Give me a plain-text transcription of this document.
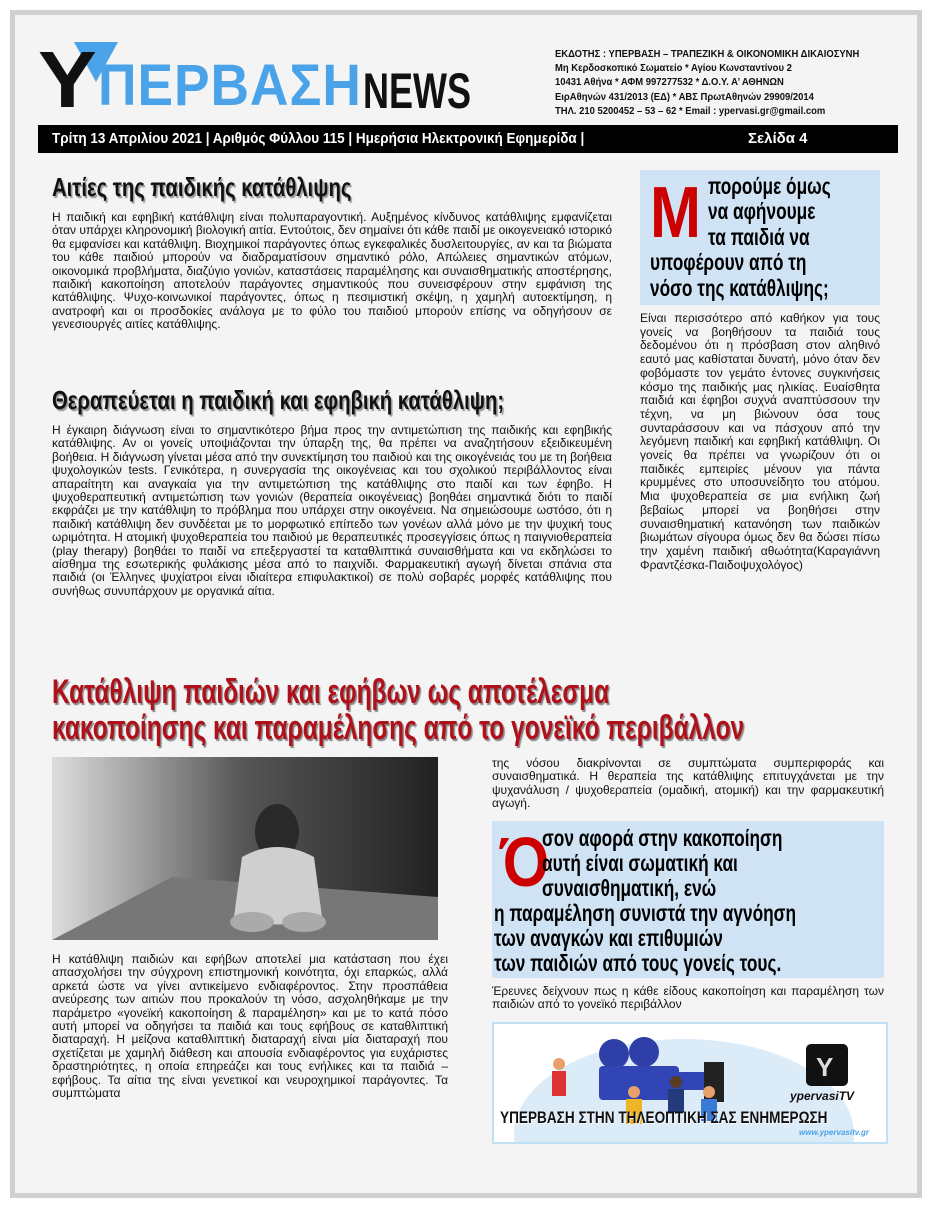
Υ ΠΕΡΒΑΣΗ NEWS
ΕΚΔΟΤΗΣ : ΥΠΕΡΒΑΣΗ – ΤΡΑΠΕΖΙΚΗ & ΟΙΚΟΝΟΜΙΚΗ ΔΙΚΑΙΟΣΥΝΗ
Μη Κερδοσκοπικό Σωματείο * Αγίου Κωνσταντίνου 2
10431 Αθήνα * ΑΦΜ 997277532 * Δ.Ο.Υ. Α’ ΑΘΗΝΩΝ
ΕιρΑθηνών 431/2013 (ΕΔ) * ΑΒΣ ΠρωτΑθηνών 29909/2014
ΤΗΛ. 210 5200452 – 53 – 62 * Email : ypervasi.gr@gmail.com
Τρίτη 13 Απριλίου 2021 | Αριθμός Φύλλου 115 | Ημερήσια Ηλεκτρονική Εφημερίδα |	Σελίδα 4
Αιτίες της παιδικής κατάθλιψης

Η παιδική και εφηβική κατάθλιψη είναι πολυπαραγοντική. Αυξημένος κίνδυνος κατάθλιψης εμφανίζεται όταν υπάρχει κληρονομική βιολογική αιτία. Εντούτοις, δεν σημαίνει ότι κάθε παιδί με οικογενειακό ιστορικό θα εμφανίσει και κατάθλιψη. Βιοχημικοί παράγοντες όπως εγκεφαλικές δυσλειτουργίες, αν και τα βιώματα του κάθε παιδιού μπορούν να διαδραματίσουν σημαντικό ρόλο, Απώλειες σημαντικών ατόμων, οικονομικά προβλήματα, διαζύγιο γονιών, καταστάσεις παραμέλησης και συναισθηματικής αποστέρησης, παιδική κακοποίηση αποτελούν παράγοντες σημαντικούς που συνεισφέρουν στην εμφάνιση της κατάθλιψης. Ψυχο-κοινωνικοί παράγοντες, όπως η πεσιμιστική σκέψη, η χαμηλή αυτοεκτίμηση, η ανατροφή και οι προσδοκίες ανάλογα με το φύλο του παιδιού μπορούν επίσης να οδηγήσουν σε γενεσιουργές αιτίες κατάθλιψης.

Θεραπεύεται η παιδική και εφηβική κατάθλιψη;

Η έγκαιρη διάγνωση είναι το σημαντικότερο βήμα προς την αντιμετώπιση της παιδικής και εφηβικής κατάθλιψης. Αν οι γονείς υποψιάζονται την ύπαρξη της, θα πρέπει να αναζητήσουν εξειδικευμένη βοήθεια. Η διάγνωση γίνεται μέσα από την συνεκτίμηση του παιδιού και της οικογένειάς του με τη βοήθεια ψυχολογικών tests. Γενικότερα, η συνεργασία της οικογένειας και του σχολικού περιβάλλοντος είναι απαραίτητη και αναγκαία για την αντιμετώπιση της κατάθλιψης στο παιδί και των έφηβο. Η ψυχοθεραπευτική αντιμετώπιση των γονιών (θεραπεία οικογένειας) βοηθάει σημαντικά διότι το παιδί εκφράζει με την κατάθλιψη το πρόβλημα που υπάρχει στην οικογένεια. Να σημειώσουμε ωστόσο, ότι η παιδική κατάθλιψη δεν συνδέεται με το μορφωτικό επίπεδο των γονέων αλλά μόνο με την ψυχική τους ωριμότητα. Η ατομική ψυχοθεραπεία του παιδιού με θεραπευτικές προσεγγίσεις όπως η παιγνιοθεραπεία (play therapy) βοηθάει το παιδί να επεξεργαστεί τα καταθλιπτικά συναισθήματα και να εκδηλώσει το αίσθημα της εσωτερικής φυλάκισης μέσα από το παιχνίδι. Φαρμακευτική αγωγή δίνεται σπάνια στα παιδιά (οι Έλληνες ψυχίατροι είναι ιδιαίτερα επιφυλακτικοί) σε πολύ σοβαρές μορφές κατάθλιψης που συνήθως συνυπάρχουν με οργανικά αίτια.

Μ πορούμε όμως
να αφήνουμε
τα παιδιά να
υποφέρουν από τη
νόσο της κατάθλιψης;

Είναι περισσότερο από καθήκον για τους γονείς να βοηθήσουν τα παιδιά τους δεδομένου ότι η πρόσβαση στον αληθινό εαυτό μας καθίσταται δυνατή, μόνο όταν δεν φοβόμαστε τον γεμάτο έντονες συγκινήσεις κόσμο της παιδικής μας ηλικίας. Ευαίσθητα παιδιά και έφηβοι συχνά αναπτύσσουν την τέχνη, να μη βιώνουν όσα τους συνταράσσουν και να πάσχουν από την λεγόμενη παιδική και εφηβική κατάθλιψη. Οι γονείς θα πρέπει να γνωρίζουν ότι οι παιδικές εμπειρίες μένουν για πάντα κρυμμένες στο υποσυνείδητο του ατόμου. Μια ψυχοθεραπεία σε μια ενήλικη ζωή βεβαίως μπορεί να βοηθήσει στην συναισθηματική κατανόηση των παιδικών βιωμάτων σίγουρα όμως δεν θα δώσει πίσω την χαμένη παιδική αθωότητα(Καραγιάννη Φραντζέσκα-Παιδοψυχολόγος)

Κατάθλιψη παιδιών και εφήβων ως αποτέλεσμα
κακοποίησης και παραμέλησης από το γονεϊκό περιβάλλον

Η κατάθλιψη παιδιών και εφήβων αποτελεί μια κατάσταση που έχει απασχολήσει την σύγχρονη επιστημονική κοινότητα, όχι επαρκώς, αλλά αρκετά ώστε να γίνει αντικείμενο ενδιαφέροντος. Στην προσπάθεια ανεύρεσης των αιτιών που προκαλούν τη νόσο, ασχοληθήκαμε με την παράμετρο «γονεϊκή κακοποίηση & παραμέληση» και με το κατά πόσο αυτή μπορεί να οδηγήσει τα παιδιά και τους εφήβους σε καταθλιπτική διαταραχή. Η μείζονα καταθλιπτική διαταραχή είναι μία διαταραχή που σχετίζεται με χαμηλή διάθεση και απουσία ενδιαφέροντος για ευχάριστες δραστηριότητες, η οποία επηρεάζει και τους ενήλικες και τα παιδιά – εφήβους. Τα αίτια της είναι γενετικοί και νευροχημικοί παράγοντες. Τα συμπτώματα

της νόσου διακρίνονται σε συμπτώματα συμπεριφοράς και συναισθηματικά. Η θεραπεία της κατάθλιψης επιτυγχάνεται με την ψυχανάλυση / ψυχοθεραπεία (ομαδική, ατομική) και την φαρμακευτική αγωγή.

Ό
σον αφορά στην κακοποίηση
αυτή είναι σωματική και
συναισθηματική, ενώ
η παραμέληση συνιστά την αγνόηση
των αναγκών και επιθυμιών
των παιδιών από τους γονείς τους.

Έρευνες δείχνουν πως η κάθε είδους κακοποίηση και παραμέληση των παιδιών από το γονεϊκό περιβάλλον

Y
ypervasiTV
ΥΠΕΡΒΑΣΗ ΣΤΗΝ ΤΗΛΕΟΠΤΙΚΗ ΣΑΣ ΕΝΗΜΕΡΩΣΗ
www.ypervasitv.gr
